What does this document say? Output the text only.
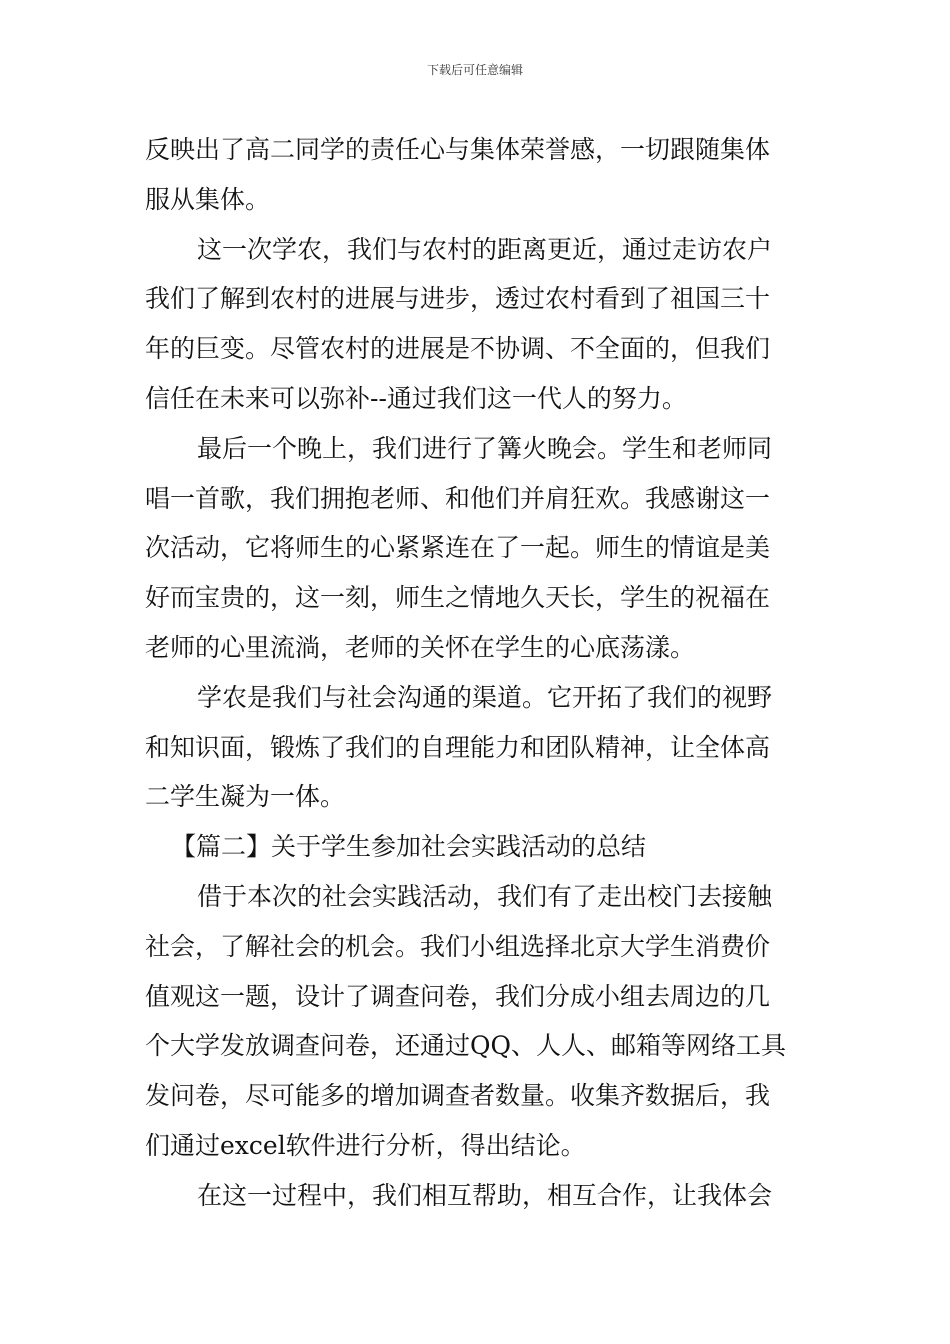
下载后可任意编辑
反映出了高二同学的责任心与集体荣誉感，一切跟随集体
服从集体。
这一次学农，我们与农村的距离更近，通过走访农户
我们了解到农村的进展与进步，透过农村看到了祖国三十
年的巨变。尽管农村的进展是不协调、不全面的，但我们
信任在未来可以弥补--通过我们这一代人的努力。
最后一个晚上，我们进行了篝火晚会。学生和老师同
唱一首歌，我们拥抱老师、和他们并肩狂欢。我感谢这一
次活动，它将师生的心紧紧连在了一起。师生的情谊是美
好而宝贵的，这一刻，师生之情地久天长，学生的祝福在
老师的心里流淌，老师的关怀在学生的心底荡漾。
学农是我们与社会沟通的渠道。它开拓了我们的视野
和知识面，锻炼了我们的自理能力和团队精神，让全体高
二学生凝为一体。
【篇二】关于学生参加社会实践活动的总结
借于本次的社会实践活动，我们有了走出校门去接触
社会，了解社会的机会。我们小组选择北京大学生消费价
值观这一题，设计了调查问卷，我们分成小组去周边的几
个大学发放调查问卷，还通过QQ、人人、邮箱等网络工具
发问卷，尽可能多的增加调查者数量。收集齐数据后，我
们通过excel软件进行分析，得出结论。
在这一过程中，我们相互帮助，相互合作，让我体会
